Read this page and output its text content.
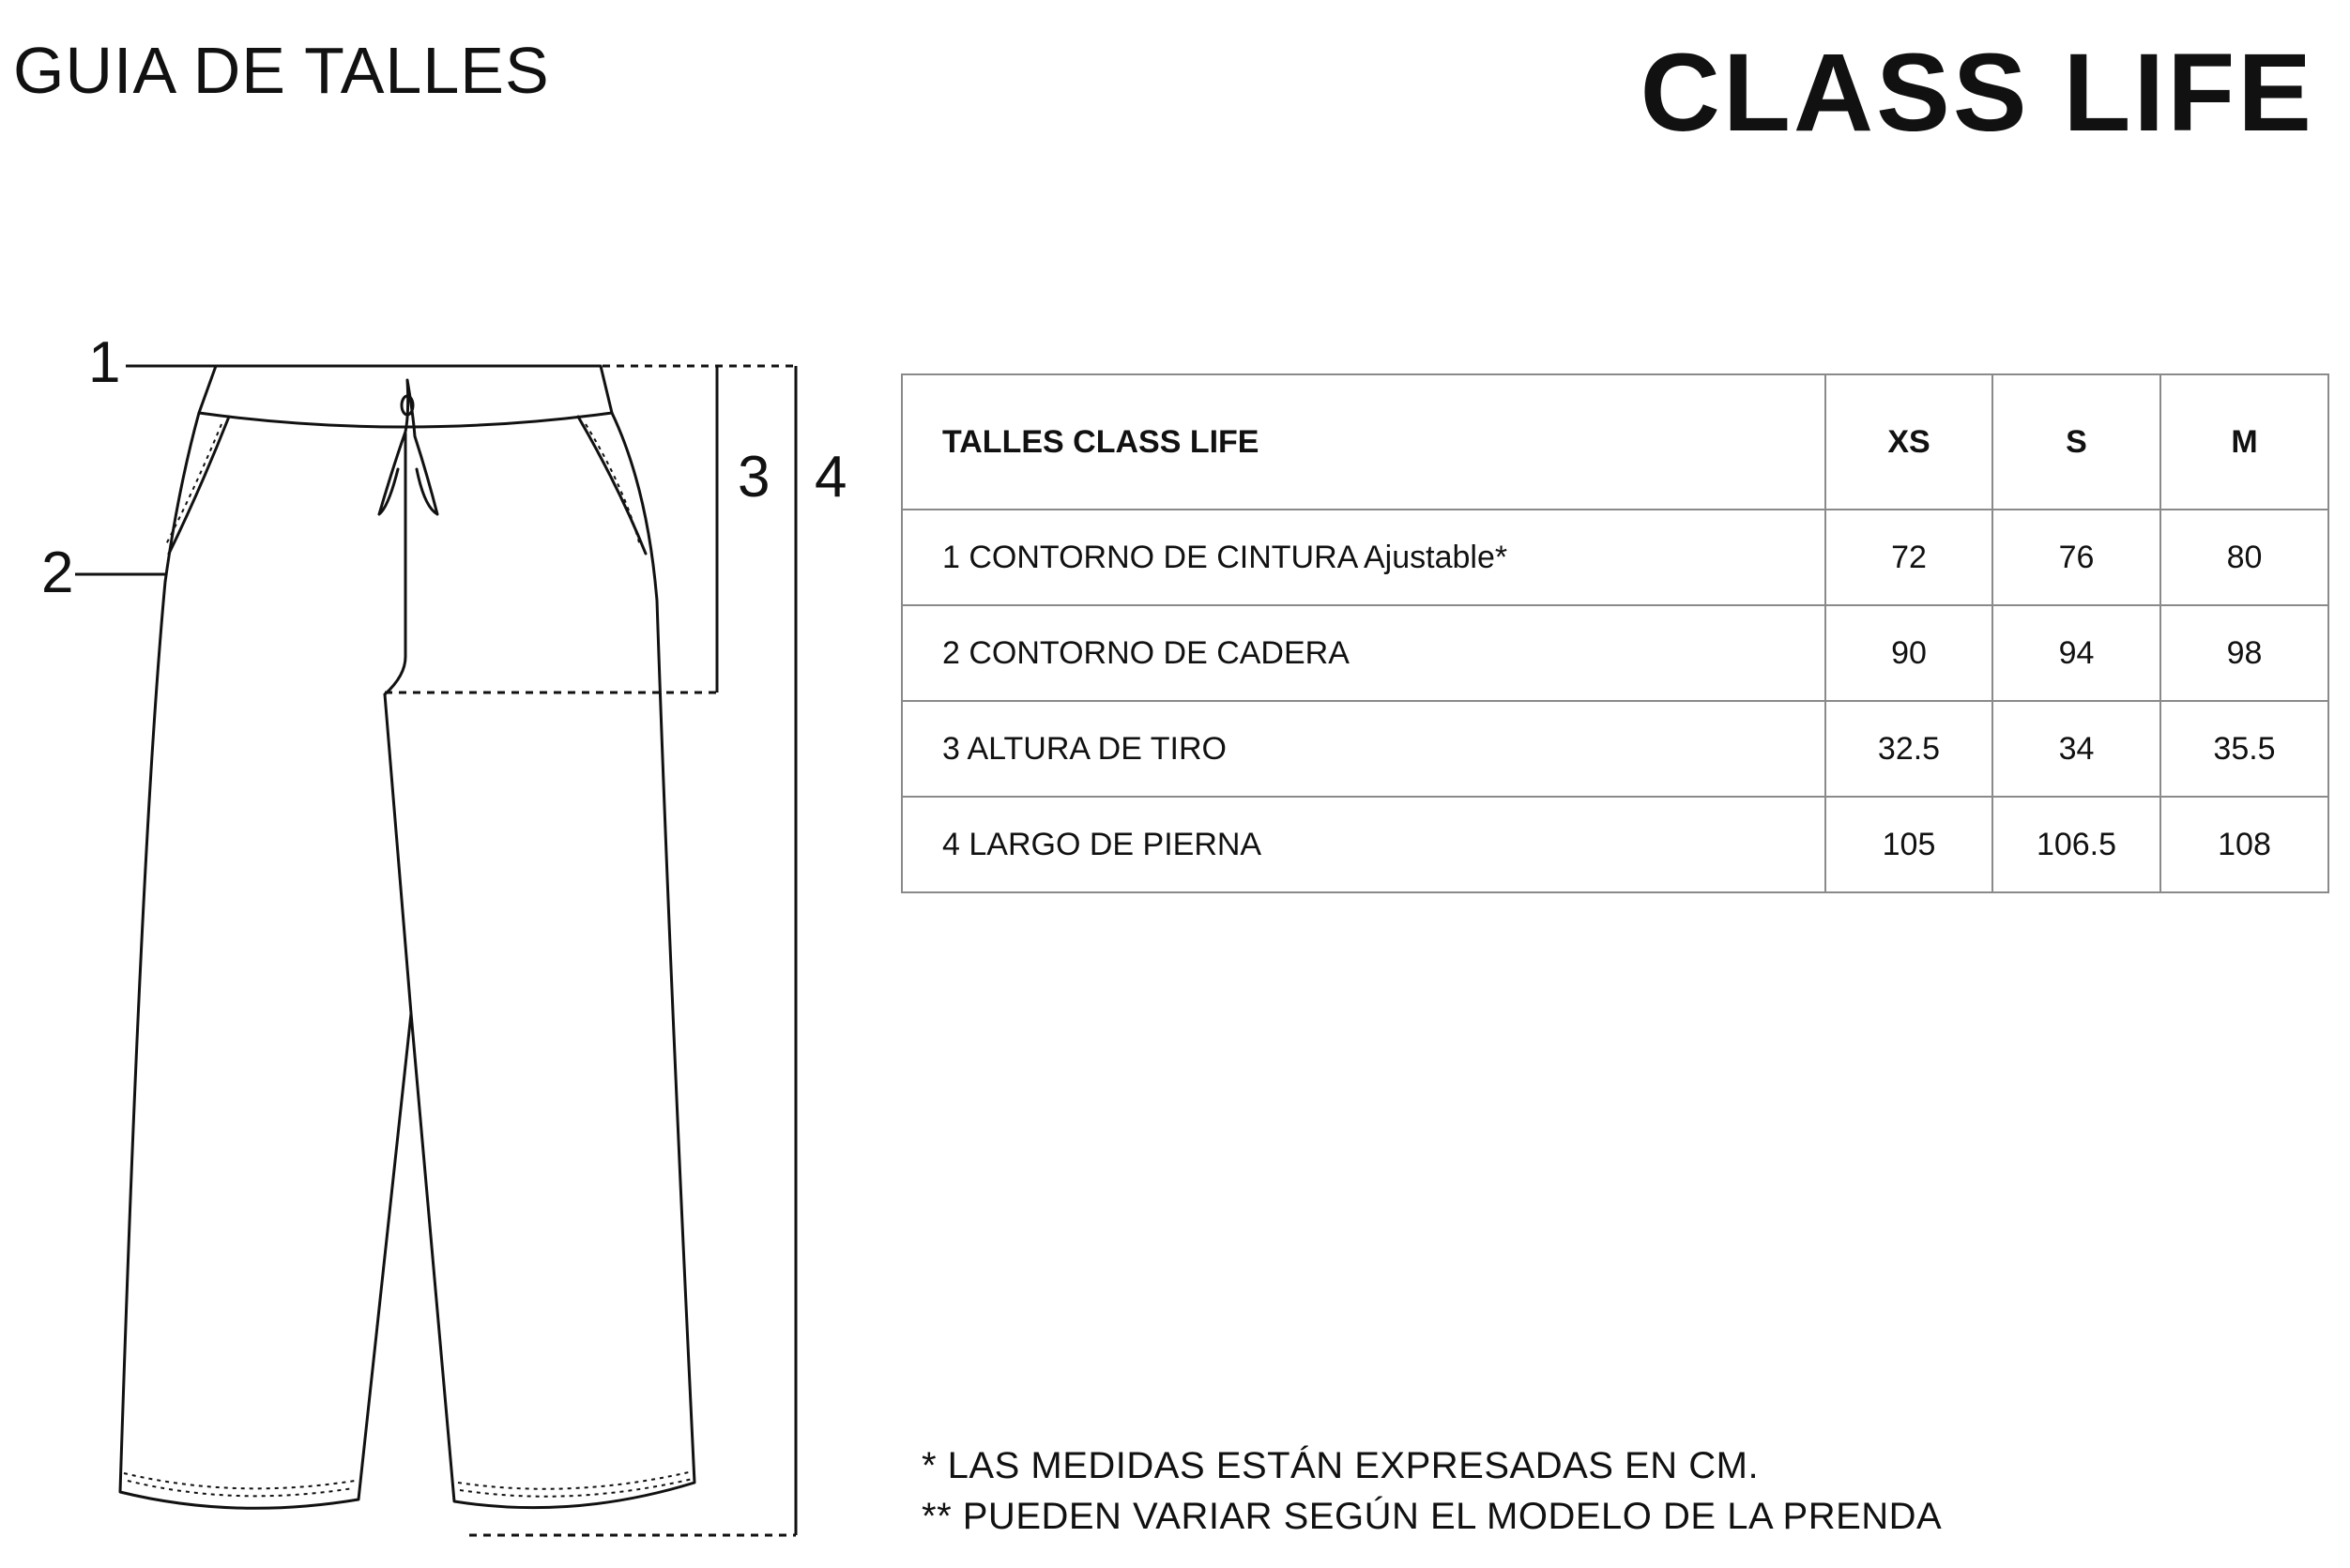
GUIA DE TALLES	CLASS LIFE
1
2
3 4
TALLES CLASS LIFE	XS	S	M
1 CONTORNO DE CINTURA Ajustable*	72	76	80
2 CONTORNO DE CADERA	90	94	98
3 ALTURA DE TIRO	32.5	34	35.5
4 LARGO DE PIERNA	105	106.5	108
* LAS MEDIDAS ESTÁN EXPRESADAS EN CM.
** PUEDEN VARIAR SEGÚN EL MODELO DE LA PRENDA
